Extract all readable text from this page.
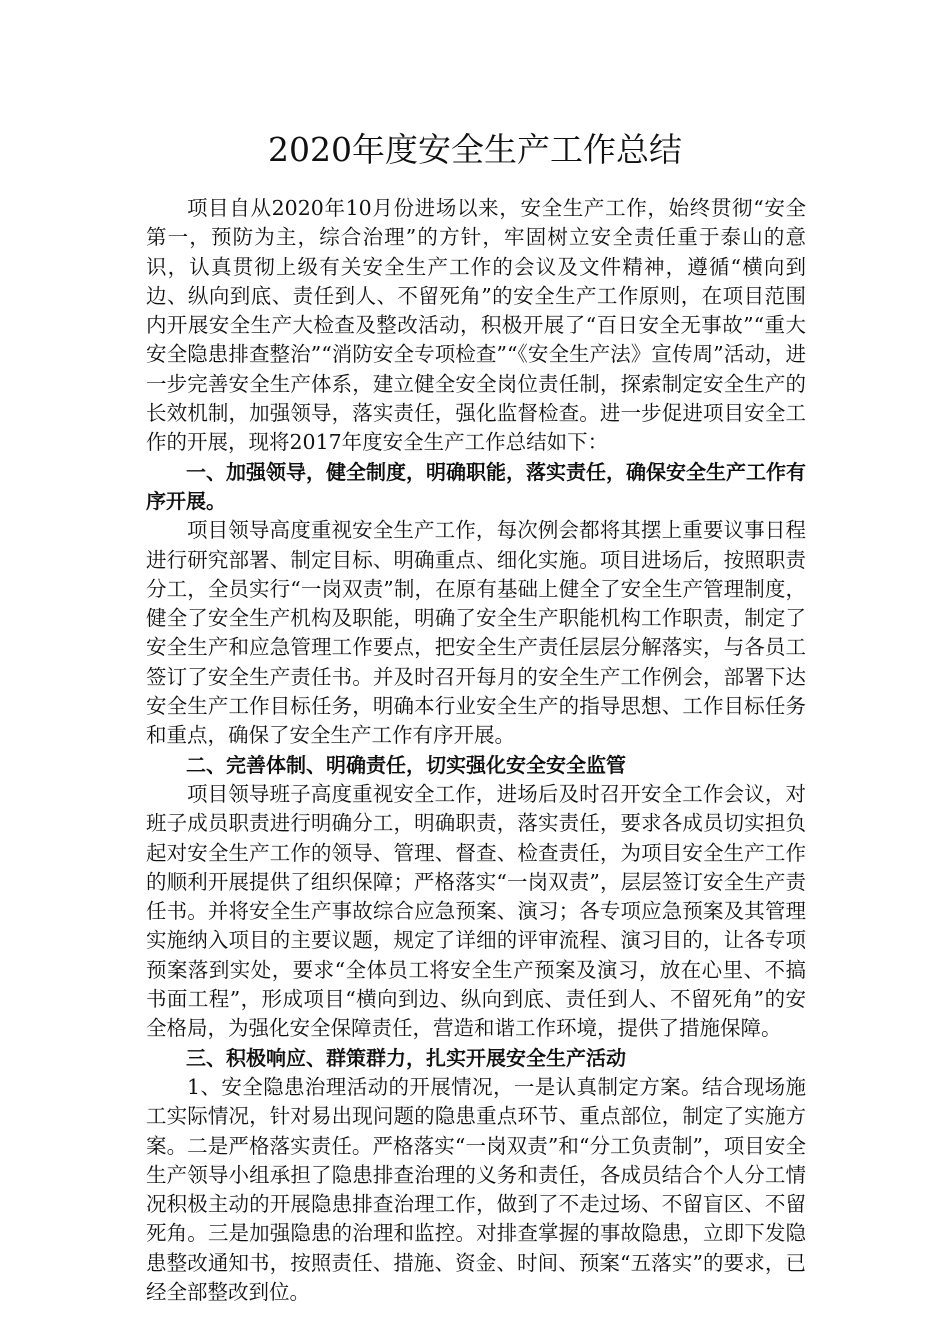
2020年度安全生产工作总结

项目自从2020年10月份进场以来，安全生产工作，始终贯彻“安全第一，预防为主，综合治理”的方针，牢固树立安全责任重于泰山的意识，认真贯彻上级有关安全生产工作的会议及文件精神，遵循“横向到边、纵向到底、责任到人、不留死角”的安全生产工作原则，在项目范围内开展安全生产大检查及整改活动，积极开展了“百日安全无事故”“重大安全隐患排查整治”“消防安全专项检查”“《安全生产法》宣传周”活动，进一步完善安全生产体系，建立健全安全岗位责任制，探索制定安全生产的长效机制，加强领导，落实责任，强化监督检查。进一步促进项目安全工作的开展，现将2017年度安全生产工作总结如下：

一、加强领导，健全制度，明确职能，落实责任，确保安全生产工作有序开展。

项目领导高度重视安全生产工作，每次例会都将其摆上重要议事日程进行研究部署、制定目标、明确重点、细化实施。项目进场后，按照职责分工，全员实行“一岗双责”制，在原有基础上健全了安全生产管理制度，健全了安全生产机构及职能，明确了安全生产职能机构工作职责，制定了安全生产和应急管理工作要点，把安全生产责任层层分解落实，与各员工签订了安全生产责任书。并及时召开每月的安全生产工作例会，部署下达安全生产工作目标任务，明确本行业安全生产的指导思想、工作目标任务和重点，确保了安全生产工作有序开展。

二、完善体制、明确责任，切实强化安全安全监管

项目领导班子高度重视安全工作，进场后及时召开安全工作会议，对班子成员职责进行明确分工，明确职责，落实责任，要求各成员切实担负起对安全生产工作的领导、管理、督查、检查责任，为项目安全生产工作的顺利开展提供了组织保障；严格落实“一岗双责”，层层签订安全生产责任书。并将安全生产事故综合应急预案、演习；各专项应急预案及其管理实施纳入项目的主要议题，规定了详细的评审流程、演习目的，让各专项预案落到实处，要求“全体员工将安全生产预案及演习，放在心里、不搞书面工程”，形成项目“横向到边、纵向到底、责任到人、不留死角”的安全格局，为强化安全保障责任，营造和谐工作环境，提供了措施保障。

三、积极响应、群策群力，扎实开展安全生产活动

1、安全隐患治理活动的开展情况，一是认真制定方案。结合现场施工实际情况，针对易出现问题的隐患重点环节、重点部位，制定了实施方案。二是严格落实责任。严格落实“一岗双责”和“分工负责制”，项目安全生产领导小组承担了隐患排查治理的义务和责任，各成员结合个人分工情况积极主动的开展隐患排查治理工作，做到了不走过场、不留盲区、不留死角。三是加强隐患的治理和监控。对排查掌握的事故隐患，立即下发隐患整改通知书，按照责任、措施、资金、时间、预案“五落实”的要求，已经全部整改到位。
